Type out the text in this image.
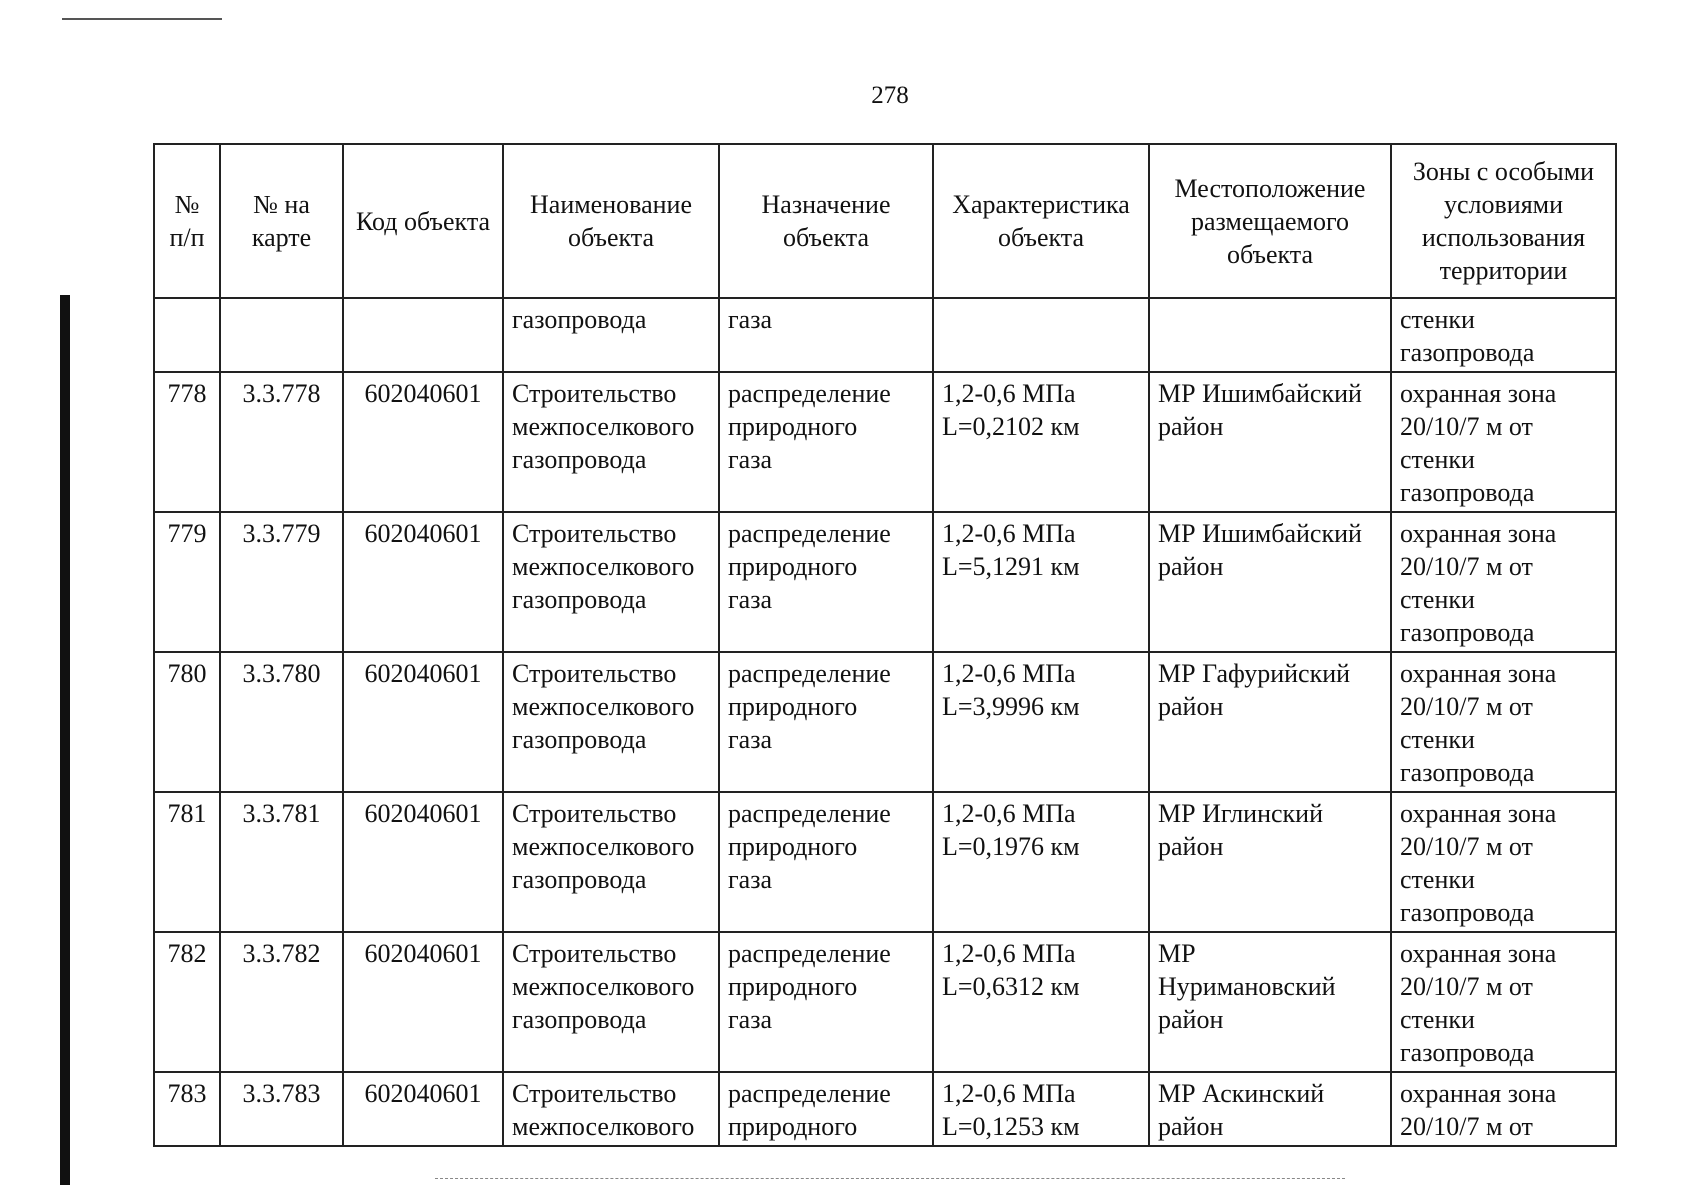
278
№
п/п	№ на
карте	Код объекта	Наименование
объекта	Назначение
объекта	Характеристика
объекта	Местоположение
размещаемого
объекта	Зоны с особыми
условиями
использования
территории
			газопровода	газа			стенки
газопровода
778	3.3.778	602040601	Строительство
межпоселкового
газопровода	распределение
природного
газа	1,2-0,6 МПа
L=0,2102 км	МР Ишимбайский
район	охранная зона
20/10/7 м от
стенки
газопровода
779	3.3.779	602040601	Строительство
межпоселкового
газопровода	распределение
природного
газа	1,2-0,6 МПа
L=5,1291 км	МР Ишимбайский
район	охранная зона
20/10/7 м от
стенки
газопровода
780	3.3.780	602040601	Строительство
межпоселкового
газопровода	распределение
природного
газа	1,2-0,6 МПа
L=3,9996 км	МР Гафурийский
район	охранная зона
20/10/7 м от
стенки
газопровода
781	3.3.781	602040601	Строительство
межпоселкового
газопровода	распределение
природного
газа	1,2-0,6 МПа
L=0,1976 км	МР Иглинский
район	охранная зона
20/10/7 м от
стенки
газопровода
782	3.3.782	602040601	Строительство
межпоселкового
газопровода	распределение
природного
газа	1,2-0,6 МПа
L=0,6312 км	МР
Нуримановский
район	охранная зона
20/10/7 м от
стенки
газопровода
783	3.3.783	602040601	Строительство
межпоселкового	распределение
природного	1,2-0,6 МПа
L=0,1253 км	МР Аскинский
район	охранная зона
20/10/7 м от
